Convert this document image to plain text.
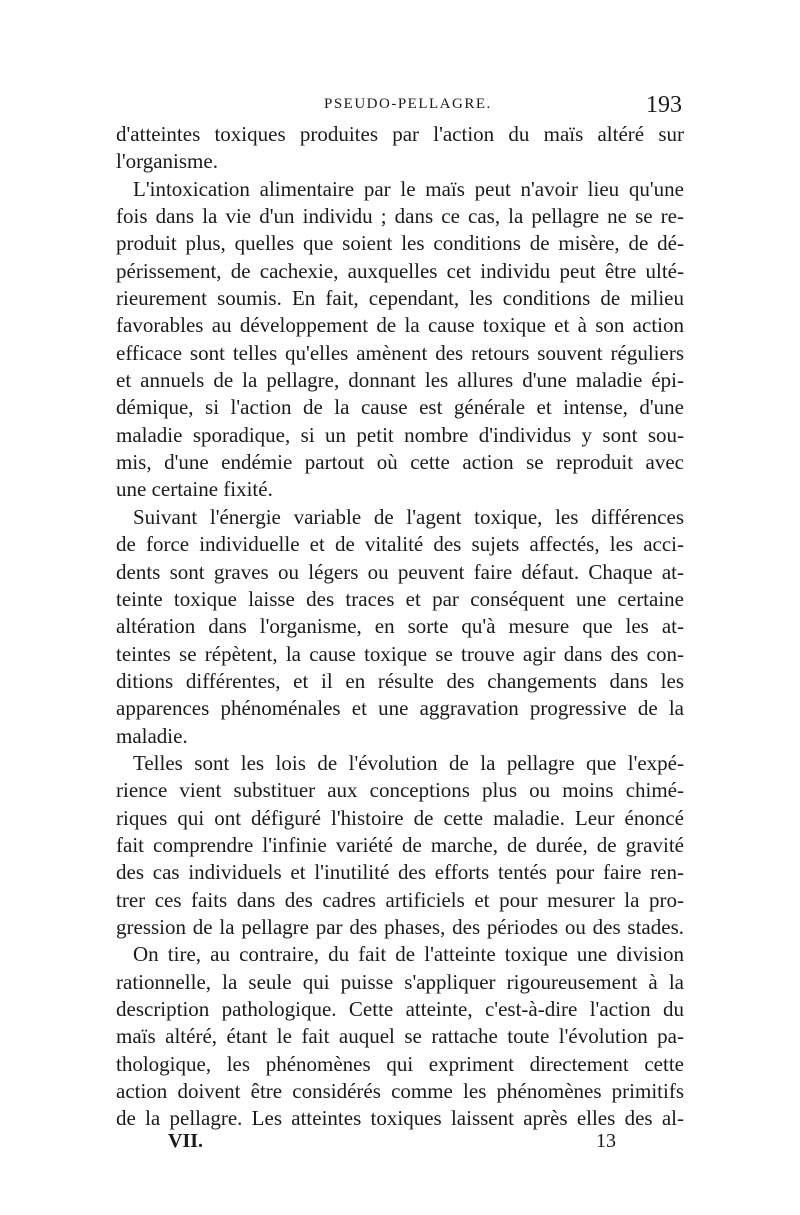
PSEUDO-PELLAGRE.	193
d'atteintes toxiques produites par l'action du maïs altéré sur
l'organisme.
L'intoxication alimentaire par le maïs peut n'avoir lieu qu'une
fois dans la vie d'un individu ; dans ce cas, la pellagre ne se re-
produit plus, quelles que soient les conditions de misère, de dé-
périssement, de cachexie, auxquelles cet individu peut être ulté-
rieurement soumis. En fait, cependant, les conditions de milieu
favorables au développement de la cause toxique et à son action
efficace sont telles qu'elles amènent des retours souvent réguliers
et annuels de la pellagre, donnant les allures d'une maladie épi-
démique, si l'action de la cause est générale et intense, d'une
maladie sporadique, si un petit nombre d'individus y sont sou-
mis, d'une endémie partout où cette action se reproduit avec
une certaine fixité.
Suivant l'énergie variable de l'agent toxique, les différences
de force individuelle et de vitalité des sujets affectés, les acci-
dents sont graves ou légers ou peuvent faire défaut. Chaque at-
teinte toxique laisse des traces et par conséquent une certaine
altération dans l'organisme, en sorte qu'à mesure que les at-
teintes se répètent, la cause toxique se trouve agir dans des con-
ditions différentes, et il en résulte des changements dans les
apparences phénoménales et une aggravation progressive de la
maladie.
Telles sont les lois de l'évolution de la pellagre que l'expé-
rience vient substituer aux conceptions plus ou moins chimé-
riques qui ont défiguré l'histoire de cette maladie. Leur énoncé
fait comprendre l'infinie variété de marche, de durée, de gravité
des cas individuels et l'inutilité des efforts tentés pour faire ren-
trer ces faits dans des cadres artificiels et pour mesurer la pro-
gression de la pellagre par des phases, des périodes ou des stades.
On tire, au contraire, du fait de l'atteinte toxique une division
rationnelle, la seule qui puisse s'appliquer rigoureusement à la
description pathologique. Cette atteinte, c'est-à-dire l'action du
maïs altéré, étant le fait auquel se rattache toute l'évolution pa-
thologique, les phénomènes qui expriment directement cette
action doivent être considérés comme les phénomènes primitifs
de la pellagre. Les atteintes toxiques laissent après elles des al-
VII.	13
